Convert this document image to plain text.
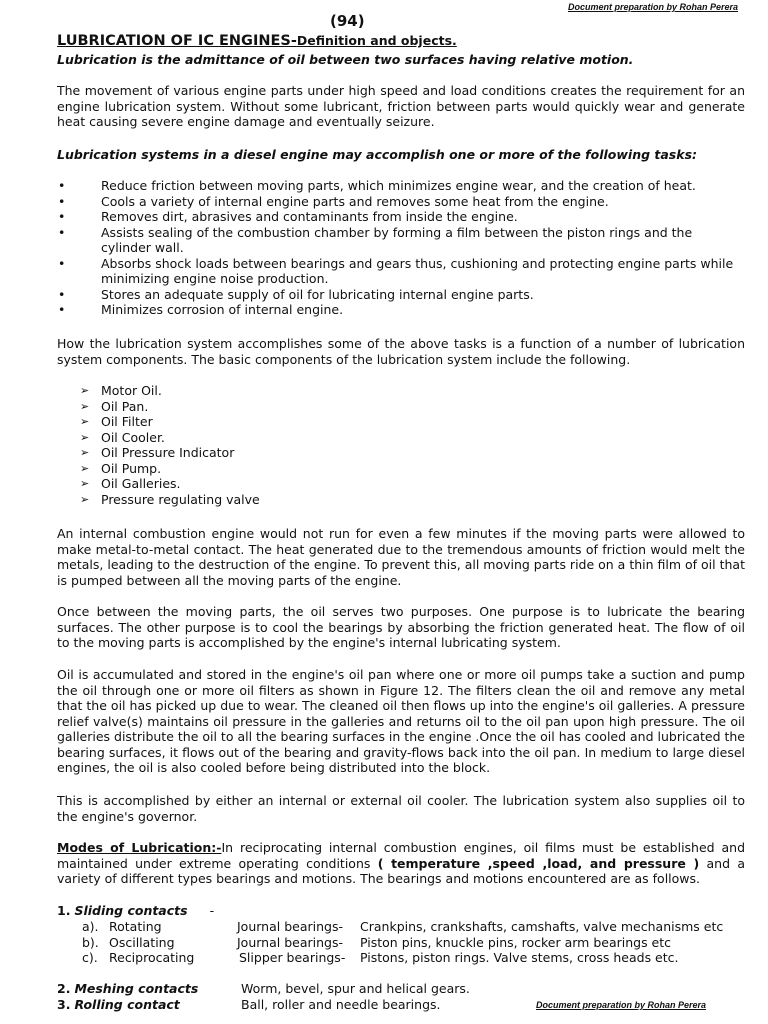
Document preparation by Rohan Perera
(94)
LUBRICATION OF IC ENGINES-Definition and objects.
Lubrication is the admittance of oil between two surfaces having relative motion.
The movement of various engine parts under high speed and load conditions creates the requirement for an engine lubrication system. Without some lubricant, friction between parts would quickly wear and generate heat causing severe engine damage and eventually seizure.
Lubrication systems in a diesel engine may accomplish one or more of the following tasks:
•	Reduce friction between moving parts, which minimizes engine wear, and the creation of heat.
•	Cools a variety of internal engine parts and removes some heat from the engine.
•	Removes dirt, abrasives and contaminants from inside the engine.
•	Assists sealing of the combustion chamber by forming a film between the piston rings and the cylinder wall.
•	Absorbs shock loads between bearings and gears thus, cushioning and protecting engine parts while minimizing engine noise production.
•	Stores an adequate supply of oil for lubricating internal engine parts.
•	Minimizes corrosion of internal engine.
How the lubrication system accomplishes some of the above tasks is a function of a number of lubrication system components. The basic components of the lubrication system include the following.
➢ Motor Oil.
➢ Oil Pan.
➢ Oil Filter
➢ Oil Cooler.
➢ Oil Pressure Indicator
➢ Oil Pump.
➢ Oil Galleries.
➢ Pressure regulating valve
An internal combustion engine would not run for even a few minutes if the moving parts were allowed to make metal-to-metal contact. The heat generated due to the tremendous amounts of friction would melt the metals, leading to the destruction of the engine. To prevent this, all moving parts ride on a thin film of oil that is pumped between all the moving parts of the engine.
Once between the moving parts, the oil serves two purposes. One purpose is to lubricate the bearing surfaces. The other purpose is to cool the bearings by absorbing the friction generated heat. The flow of oil to the moving parts is accomplished by the engine's internal lubricating system.
Oil is accumulated and stored in the engine's oil pan where one or more oil pumps take a suction and pump the oil through one or more oil filters as shown in Figure 12. The filters clean the oil and remove any metal that the oil has picked up due to wear. The cleaned oil then flows up into the engine's oil galleries. A pressure relief valve(s) maintains oil pressure in the galleries and returns oil to the oil pan upon high pressure. The oil galleries distribute the oil to all the bearing surfaces in the engine .Once the oil has cooled and lubricated the bearing surfaces, it flows out of the bearing and gravity-flows back into the oil pan. In medium to large diesel engines, the oil is also cooled before being distributed into the block.
This is accomplished by either an internal or external oil cooler. The lubrication system also supplies oil to the engine's governor.
Modes of Lubrication:-In reciprocating internal combustion engines, oil films must be established and maintained under extreme operating conditions ( temperature ,speed ,load, and pressure ) and a variety of different types bearings and motions. The bearings and motions encountered are as follows.
1. Sliding contacts -
a). Rotating	Journal bearings- Crankpins, crankshafts, camshafts, valve mechanisms etc
b). Oscillating	Journal bearings- Piston pins, knuckle pins, rocker arm bearings etc
c). Reciprocating	Slipper bearings- Pistons, piston rings. Valve stems, cross heads etc.
2. Meshing contacts	Worm, bevel, spur and helical gears.
3. Rolling contact	Ball, roller and needle bearings.	Document preparation by Rohan Perera
